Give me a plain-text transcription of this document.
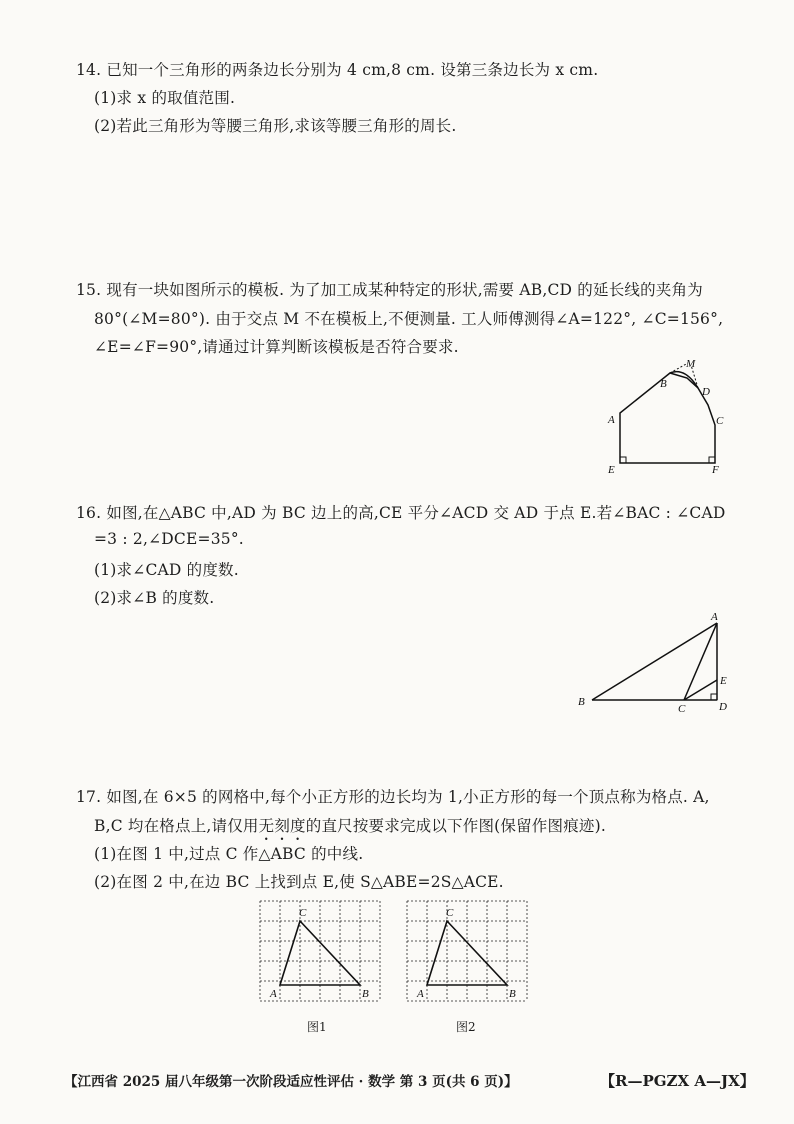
14. 已知一个三角形的两条边长分别为 4 cm,8 cm. 设第三条边长为 x cm.
(1)求 x 的取值范围.
(2)若此三角形为等腰三角形,求该等腰三角形的周长.
15. 现有一块如图所示的模板. 为了加工成某种特定的形状,需要 AB,CD 的延长线的夹角为
80°(∠M=80°). 由于交点 M 不在模板上,不便测量. 工人师傅测得∠A=122°, ∠C=156°,
∠E=∠F=90°,请通过计算判断该模板是否符合要求.
M
B
D
A	C
E	F
16. 如图,在△ABC 中,AD 为 BC 边上的高,CE 平分∠ACD 交 AD 于点 E.若∠BAC : ∠CAD
=3 : 2,∠DCE=35°.
(1)求∠CAD 的度数.
(2)求∠B 的度数.
A
B
C	D
E
17. 如图,在 6×5 的网格中,每个小正方形的边长均为 1,小正方形的每一个顶点称为格点. A,
B,C 均在格点上,请仅用无刻度的直尺按要求完成以下作图(保留作图痕迹).
(1)在图 1 中,过点 C 作△ABC 的中线.
(2)在图 2 中,在边 BC 上找到点 E,使 S△ABE=2S△ACE.
A	B
C
图1
A	B
C
图2
【江西省 2025 届八年级第一次阶段适应性评估 · 数学 第 3 页(共 6 页)】	【R—PGZX A—JX】
